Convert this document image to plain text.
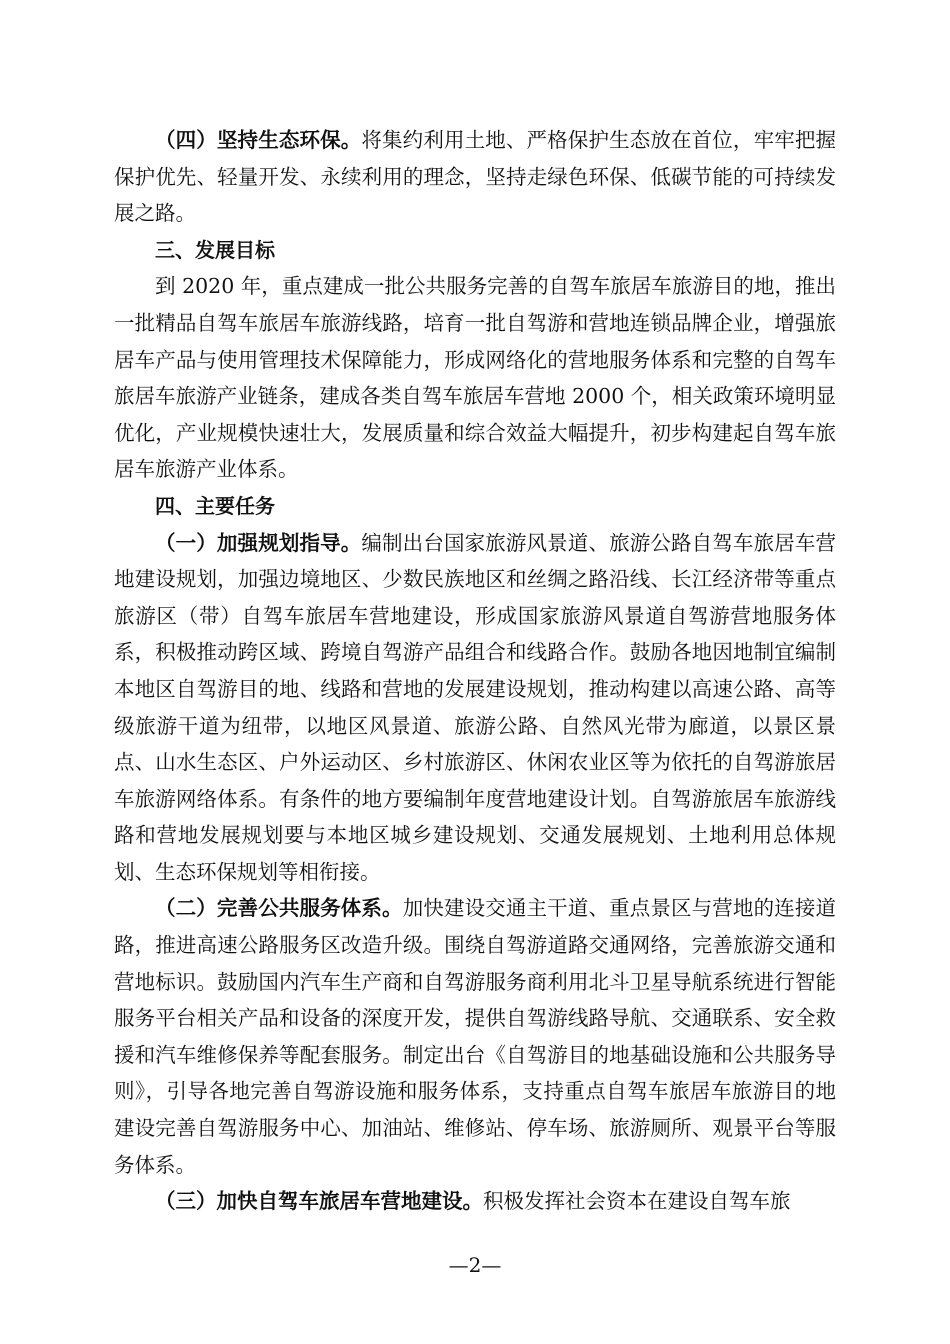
（四）坚持生态环保。将集约利用土地、严格保护生态放在首位，牢牢把握保护优先、轻量开发、永续利用的理念，坚持走绿色环保、低碳节能的可持续发展之路。

三、发展目标

到 2020 年，重点建成一批公共服务完善的自驾车旅居车旅游目的地，推出一批精品自驾车旅居车旅游线路，培育一批自驾游和营地连锁品牌企业，增强旅居车产品与使用管理技术保障能力，形成网络化的营地服务体系和完整的自驾车旅居车旅游产业链条，建成各类自驾车旅居车营地 2000 个，相关政策环境明显优化，产业规模快速壮大，发展质量和综合效益大幅提升，初步构建起自驾车旅居车旅游产业体系。

四、主要任务

（一）加强规划指导。编制出台国家旅游风景道、旅游公路自驾车旅居车营地建设规划，加强边境地区、少数民族地区和丝绸之路沿线、长江经济带等重点旅游区（带）自驾车旅居车营地建设，形成国家旅游风景道自驾游营地服务体系，积极推动跨区域、跨境自驾游产品组合和线路合作。鼓励各地因地制宜编制本地区自驾游目的地、线路和营地的发展建设规划，推动构建以高速公路、高等级旅游干道为纽带，以地区风景道、旅游公路、自然风光带为廊道，以景区景点、山水生态区、户外运动区、乡村旅游区、休闲农业区等为依托的自驾游旅居车旅游网络体系。有条件的地方要编制年度营地建设计划。自驾游旅居车旅游线路和营地发展规划要与本地区城乡建设规划、交通发展规划、土地利用总体规划、生态环保规划等相衔接。

（二）完善公共服务体系。加快建设交通主干道、重点景区与营地的连接道路，推进高速公路服务区改造升级。围绕自驾游道路交通网络，完善旅游交通和营地标识。鼓励国内汽车生产商和自驾游服务商利用北斗卫星导航系统进行智能服务平台相关产品和设备的深度开发，提供自驾游线路导航、交通联系、安全救援和汽车维修保养等配套服务。制定出台《自驾游目的地基础设施和公共服务导则》，引导各地完善自驾游设施和服务体系，支持重点自驾车旅居车旅游目的地建设完善自驾游服务中心、加油站、维修站、停车场、旅游厕所、观景平台等服务体系。

（三）加快自驾车旅居车营地建设。积极发挥社会资本在建设自驾车旅

—2—
